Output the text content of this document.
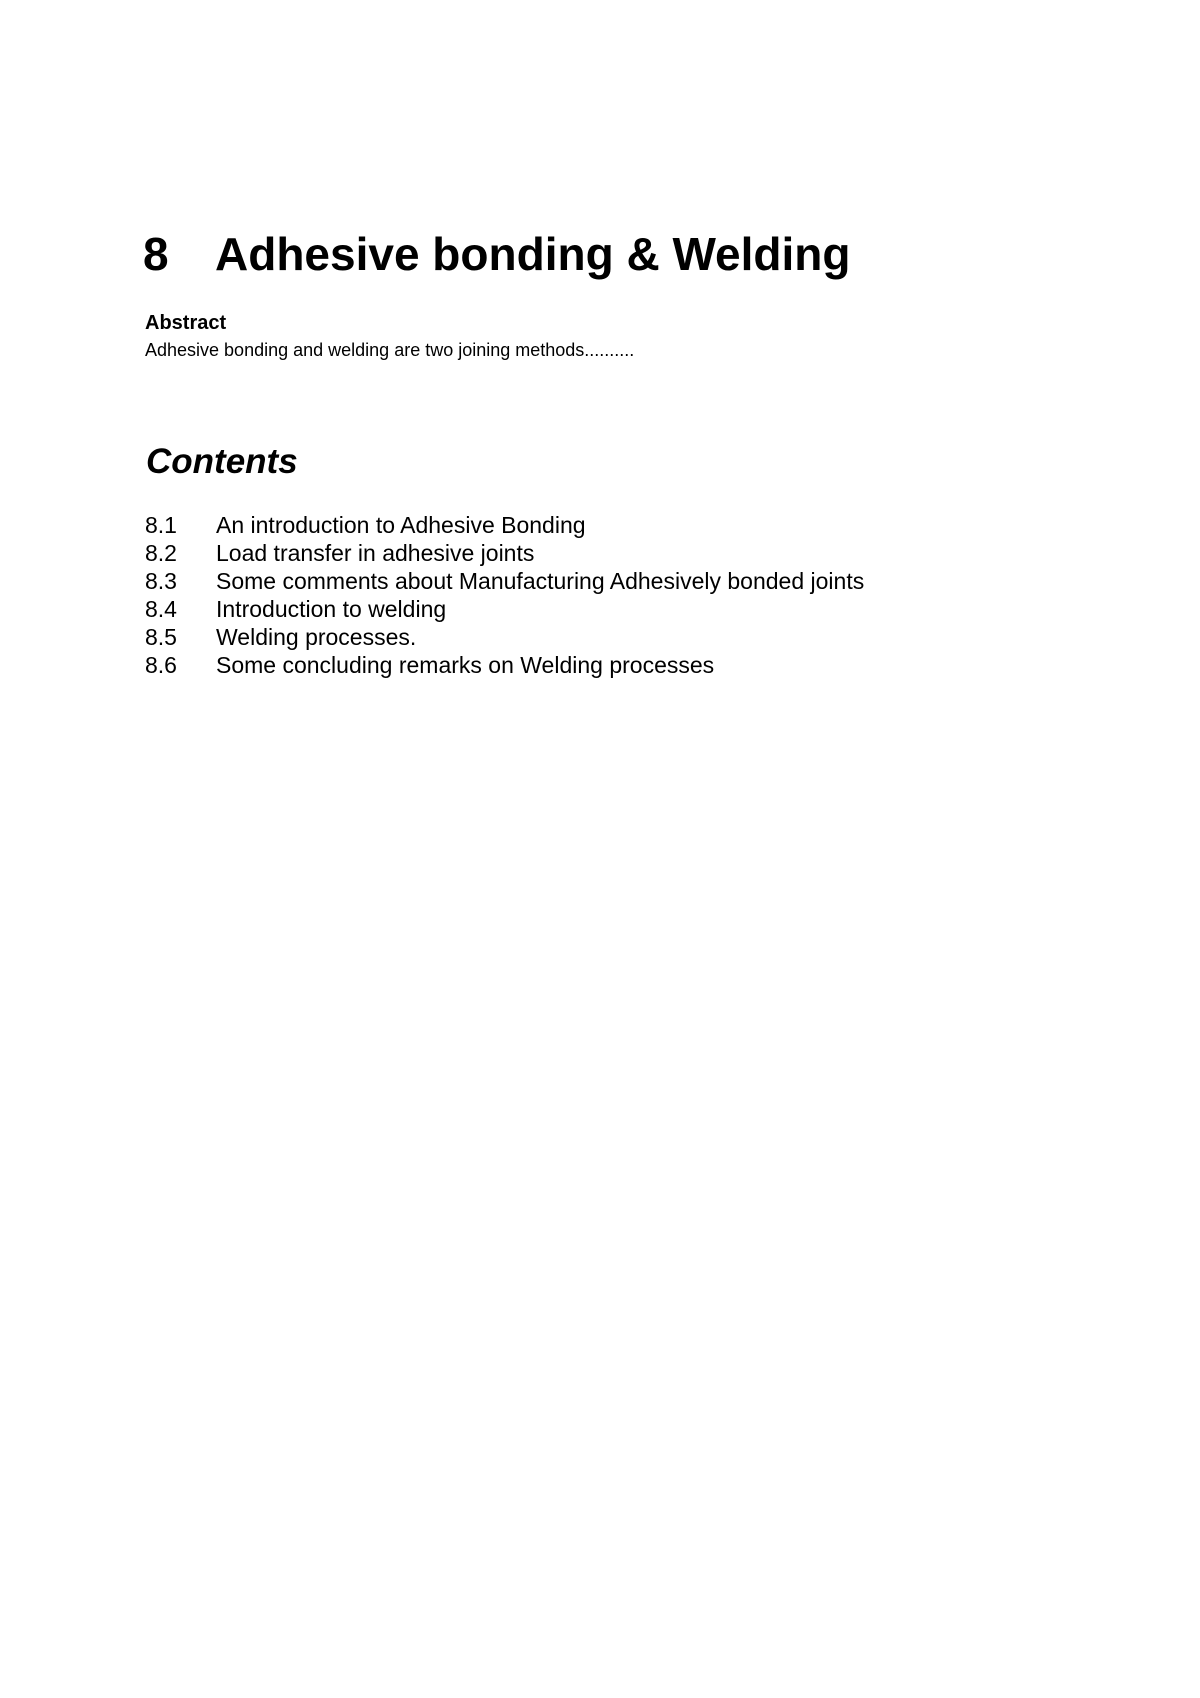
8 Adhesive bonding & Welding
Abstract

Adhesive bonding and welding are two joining methods..........

Contents
8.1	An introduction to Adhesive Bonding
8.2	Load transfer in adhesive joints
8.3	Some comments about Manufacturing Adhesively bonded joints
8.4	Introduction to welding
8.5	Welding processes.
8.6	Some concluding remarks on Welding processes
